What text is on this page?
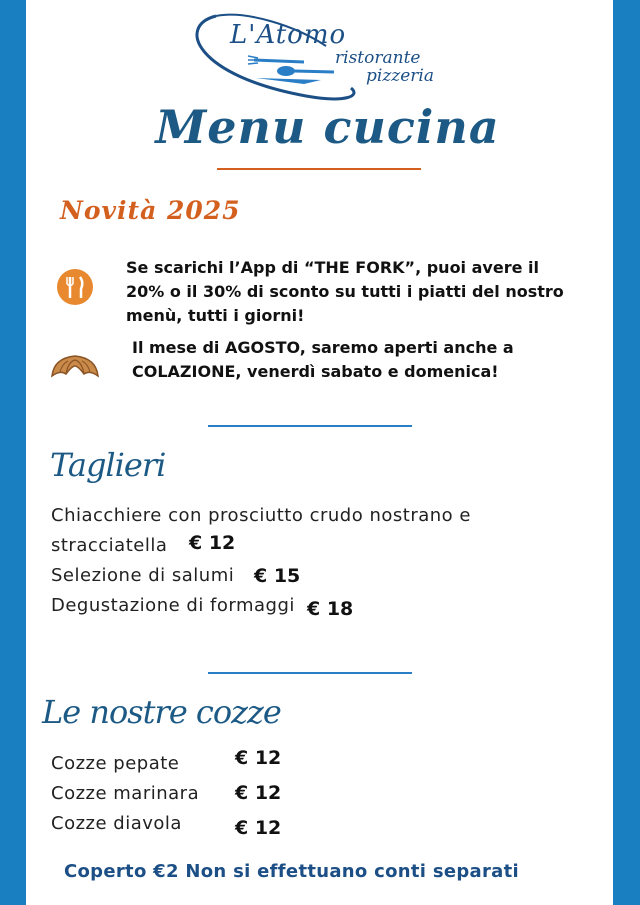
L'Atomo
ristorante
pizzeria
Menu cucina
Novità 2025
Se scarichi l’App di “THE FORK”, puoi avere il 20% o il 30% di sconto su tutti i piatti del nostro menù, tutti i giorni!
Il mese di AGOSTO, saremo aperti anche a COLAZIONE, venerdì sabato e domenica!
Taglieri
Chiacchiere con prosciutto crudo nostrano e
stracciatella € 12
Selezione di salumi € 15
Degustazione di formaggi € 18
Le nostre cozze
Cozze pepate	€ 12
Cozze marinara € 12
Cozze diavola	€ 12
Coperto €2 Non si effettuano conti separati
